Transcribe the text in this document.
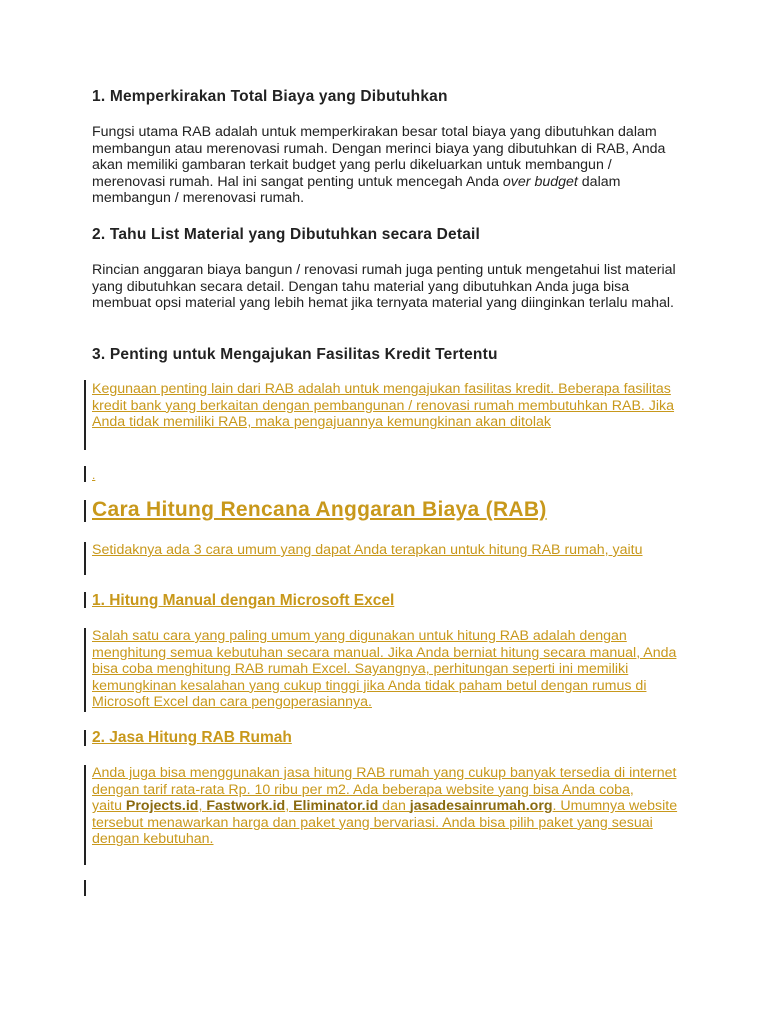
1. Memperkirakan Total Biaya yang Dibutuhkan
Fungsi utama RAB adalah untuk memperkirakan besar total biaya yang dibutuhkan dalam membangun atau merenovasi rumah. Dengan merinci biaya yang dibutuhkan di RAB, Anda akan memiliki gambaran terkait budget yang perlu dikeluarkan untuk membangun / merenovasi rumah. Hal ini sangat penting untuk mencegah Anda over budget dalam membangun / merenovasi rumah.
2. Tahu List Material yang Dibutuhkan secara Detail
Rincian anggaran biaya bangun / renovasi rumah juga penting untuk mengetahui list material yang dibutuhkan secara detail. Dengan tahu material yang dibutuhkan Anda juga bisa membuat opsi material yang lebih hemat jika ternyata material yang diinginkan terlalu mahal.
3. Penting untuk Mengajukan Fasilitas Kredit Tertentu
Kegunaan penting lain dari RAB adalah untuk mengajukan fasilitas kredit. Beberapa fasilitas kredit bank yang berkaitan dengan pembangunan / renovasi rumah membutuhkan RAB. Jika Anda tidak memiliki RAB, maka pengajuannya kemungkinan akan ditolak
.
Cara Hitung Rencana Anggaran Biaya (RAB)
Setidaknya ada 3 cara umum yang dapat Anda terapkan untuk hitung RAB rumah, yaitu
1. Hitung Manual dengan Microsoft Excel
Salah satu cara yang paling umum yang digunakan untuk hitung RAB adalah dengan menghitung semua kebutuhan secara manual. Jika Anda berniat hitung secara manual, Anda bisa coba menghitung RAB rumah Excel. Sayangnya, perhitungan seperti ini memiliki kemungkinan kesalahan yang cukup tinggi jika Anda tidak paham betul dengan rumus di Microsoft Excel dan cara pengoperasiannya.
2. Jasa Hitung RAB Rumah
Anda juga bisa menggunakan jasa hitung RAB rumah yang cukup banyak tersedia di internet dengan tarif rata-rata Rp. 10 ribu per m2. Ada beberapa website yang bisa Anda coba,
yaitu Projects.id, Fastwork.id, Eliminator.id dan jasadesainrumah.org. Umumnya website tersebut menawarkan harga dan paket yang bervariasi. Anda bisa pilih paket yang sesuai dengan kebutuhan.
